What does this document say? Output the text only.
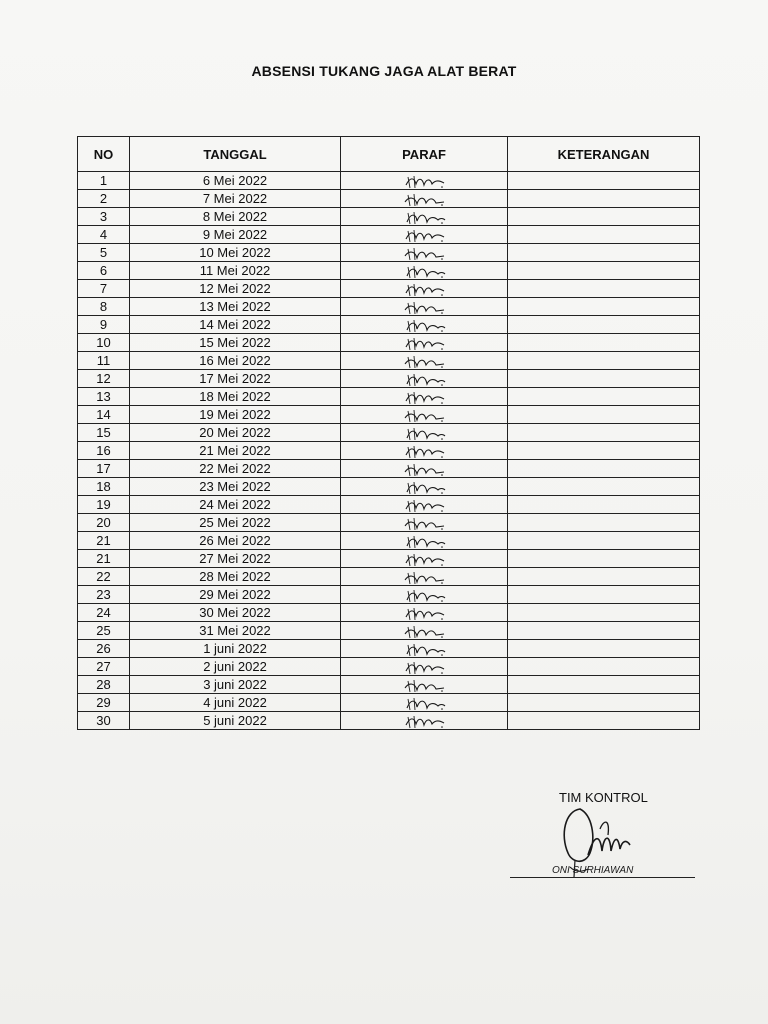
ABSENSI TUKANG JAGA ALAT BERAT
NO	TANGGAL	PARAF	KETERANGAN
1	6 Mei 2022		
2	7 Mei 2022		
3	8 Mei 2022		
4	9 Mei 2022		
5	10 Mei 2022		
6	11 Mei 2022		
7	12 Mei 2022		
8	13 Mei 2022		
9	14 Mei 2022		
10	15 Mei 2022		
11	16 Mei 2022		
12	17 Mei 2022		
13	18 Mei 2022		
14	19 Mei 2022		
15	20 Mei 2022		
16	21 Mei 2022		
17	22 Mei 2022		
18	23 Mei 2022		
19	24 Mei 2022		
20	25 Mei 2022		
21	26 Mei 2022		
21	27 Mei 2022		
22	28 Mei 2022		
23	29 Mei 2022		
24	30 Mei 2022		
25	31 Mei 2022		
26	1 juni 2022		
27	2 juni 2022		
28	3 juni 2022		
29	4 juni 2022		
30	5 juni 2022		
TIM KONTROL
ONI SURHIAWAN
